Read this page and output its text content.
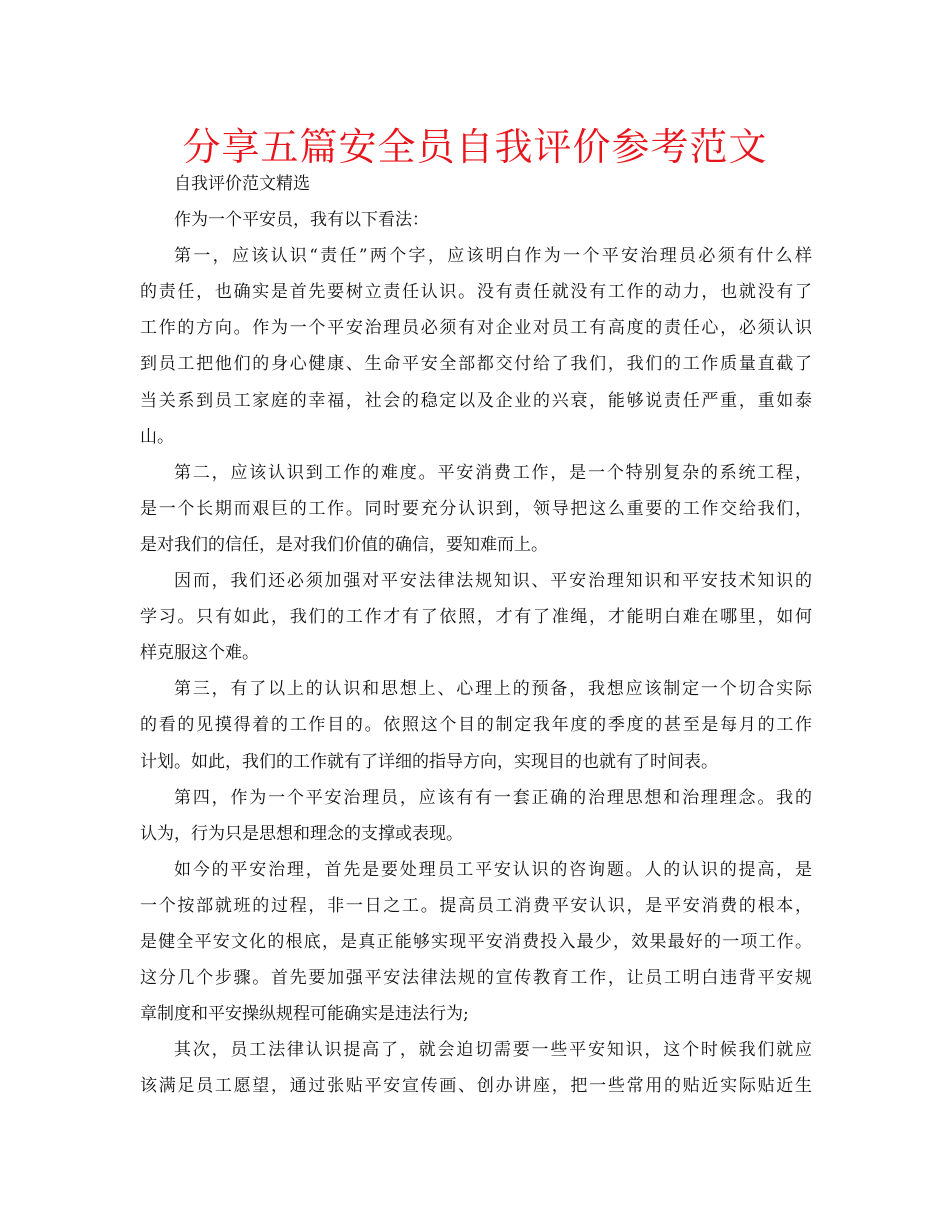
分享五篇安全员自我评价参考范文
自我评价范文精选
作为一个平安员，我有以下看法：
第一，应该认识“责任”两个字，应该明白作为一个平安治理员必须有什么样
的责任，也确实是首先要树立责任认识。没有责任就没有工作的动力，也就没有了
工作的方向。作为一个平安治理员必须有对企业对员工有高度的责任心，必须认识
到员工把他们的身心健康、生命平安全部都交付给了我们，我们的工作质量直截了
当关系到员工家庭的幸福，社会的稳定以及企业的兴衰，能够说责任严重，重如泰
山。
第二，应该认识到工作的难度。平安消费工作，是一个特别复杂的系统工程，
是一个长期而艰巨的工作。同时要充分认识到，领导把这么重要的工作交给我们，
是对我们的信任，是对我们价值的确信，要知难而上。
因而，我们还必须加强对平安法律法规知识、平安治理知识和平安技术知识的
学习。只有如此，我们的工作才有了依照，才有了准绳，才能明白难在哪里，如何
样克服这个难。
第三，有了以上的认识和思想上、心理上的预备，我想应该制定一个切合实际
的看的见摸得着的工作目的。依照这个目的制定我年度的季度的甚至是每月的工作
计划。如此，我们的工作就有了详细的指导方向，实现目的也就有了时间表。
第四，作为一个平安治理员，应该有有一套正确的治理思想和治理理念。我的
认为，行为只是思想和理念的支撑或表现。
如今的平安治理，首先是要处理员工平安认识的咨询题。人的认识的提高，是
一个按部就班的过程，非一日之工。提高员工消费平安认识，是平安消费的根本，
是健全平安文化的根底，是真正能够实现平安消费投入最少，效果最好的一项工作。
这分几个步骤。首先要加强平安法律法规的宣传教育工作，让员工明白违背平安规
章制度和平安操纵规程可能确实是违法行为;
其次，员工法律认识提高了，就会迫切需要一些平安知识，这个时候我们就应
该满足员工愿望，通过张贴平安宣传画、创办讲座，把一些常用的贴近实际贴近生
